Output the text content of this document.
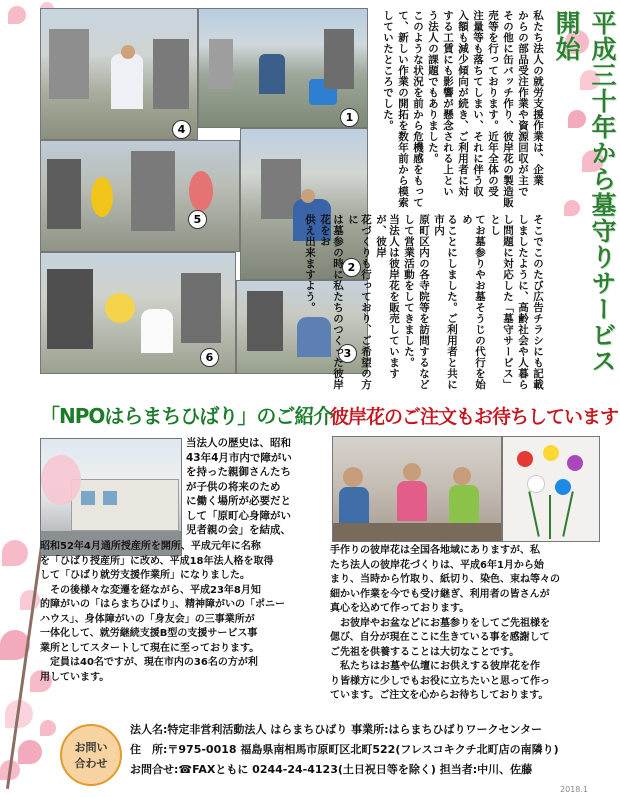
1
4
2
5
6	3	平成三十年から墓守りサービス開始
私たち法人の就労支援作業は、企業
からの部品受注作業や資源回収が主で
その他に缶バッチ作り、彼岸花の製造販
売等を行っております。近年全体の受
注量等も落ちてしまい、それに伴う収
入額も減少傾向が続き、ご利用者に対
する工賃にも影響が懸念される上とい
う法人の課題でもありました。
このような状況を前から危機感をもって
て、新しい作業の開拓を数年前から模索
していたところでした。
そこでこのたび広告チラシにも記載
しましたように、高齢社会や人暮ら
し問題に対応した「墓守サービス」とし
てお墓参りやお墓そうじの代行を始め
ることにしました。ご利用者と共に市内
原町区内の各寺院等を訪問するなど
して営業活動をしてきました。
当法人は彼岸花を販売していますが、彼岸
花づくりも行っており、ご希望の方に
は墓参の時に私たちのつくった彼岸花をお
供え出来ますよう。
「NPOはらまちひばり」のご紹介
当法人の歴史は、昭和
43年4月市内で障がい
を持った親御さんたち
が子供の将来のため
に働く場所が必要だと
して「原町心身障がい
児者親の会」を結成、
昭和52年4月通所授産所を開所、平成元年に名称
を「ひばり授産所」に改め、平成18年法人格を取得
して「ひばり就労支援作業所」になりました。
その後様々な変遷を経ながら、平成23年8月知
的障がいの「はらまちひばり」、精神障がいの「ポニー
ハウス」、身体障がいの「身友会」の三事業所が
一体化して、就労継続支援B型の支援サービス事
業所としてスタートして現在に至っております。
定員は40名ですが、現在市内の36名の方が利
用しています。
彼岸花のご注文もお待ちしています
手作りの彼岸花は全国各地域にありますが、私
たち法人の彼岸花づくりは、平成6年1月から始
まり、当時から竹取り、紙切り、染色、束ね等々の
細かい作業を今でも受け継ぎ、利用者の皆さんが
真心を込めて作っております。
お彼岸やお盆などにお墓参りをしてご先祖様を
偲び、自分が現在ここに生きている事を感謝して
ご先祖を供養することは大切なことです。
私たちはお墓や仏壇にお供えする彼岸花を作
り皆様方に少しでもお役に立ちたいと思って作っ
ています。ご注文を心からお待ちしております。
お問い
合わせ
法人名:特定非営利活動法人 はらまちひばり 事業所:はらまちひばりワークセンター
住　所:〒975-0018 福島県南相馬市原町区北町522(フレスコキクチ北町店の南隣り)
お問合せ:☎FAXともに 0244-24-4123(土日祝日等を除く) 担当者:中川、佐藤
2018.1
